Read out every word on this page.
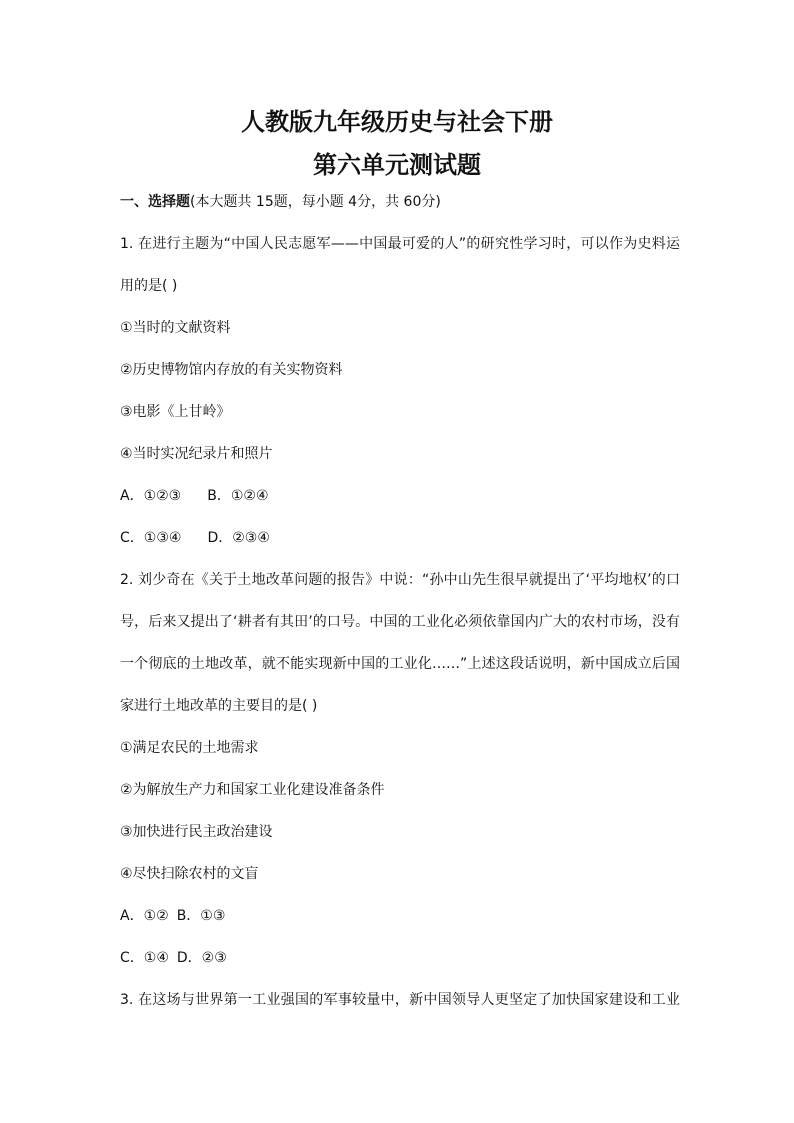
人教版九年级历史与社会下册
第六单元测试题
一、选择题(本大题共 15题，每小题 4分，共 60分)
1. 在进行主题为“中国人民志愿军——中国最可爱的人”的研究性学习时，可以作为史料运
用的是( )
①当时的文献资料
②历史博物馆内存放的有关实物资料
③电影《上甘岭》
④当时实况纪录片和照片
A．①②③ B．①②④
C．①③④ D．②③④
2. 刘少奇在《关于土地改革问题的报告》中说：“孙中山先生很早就提出了‘平均地权’的口
号，后来又提出了‘耕者有其田’的口号。中国的工业化必须依靠国内广大的农村市场，没有
一个彻底的土地改革，就不能实现新中国的工业化……”上述这段话说明，新中国成立后国
家进行土地改革的主要目的是( )
①满足农民的土地需求
②为解放生产力和国家工业化建设准备条件
③加快进行民主政治建设
④尽快扫除农村的文盲
A．①② B．①③
C．①④ D．②③
3. 在这场与世界第一工业强国的军事较量中，新中国领导人更坚定了加快国家建设和工业
